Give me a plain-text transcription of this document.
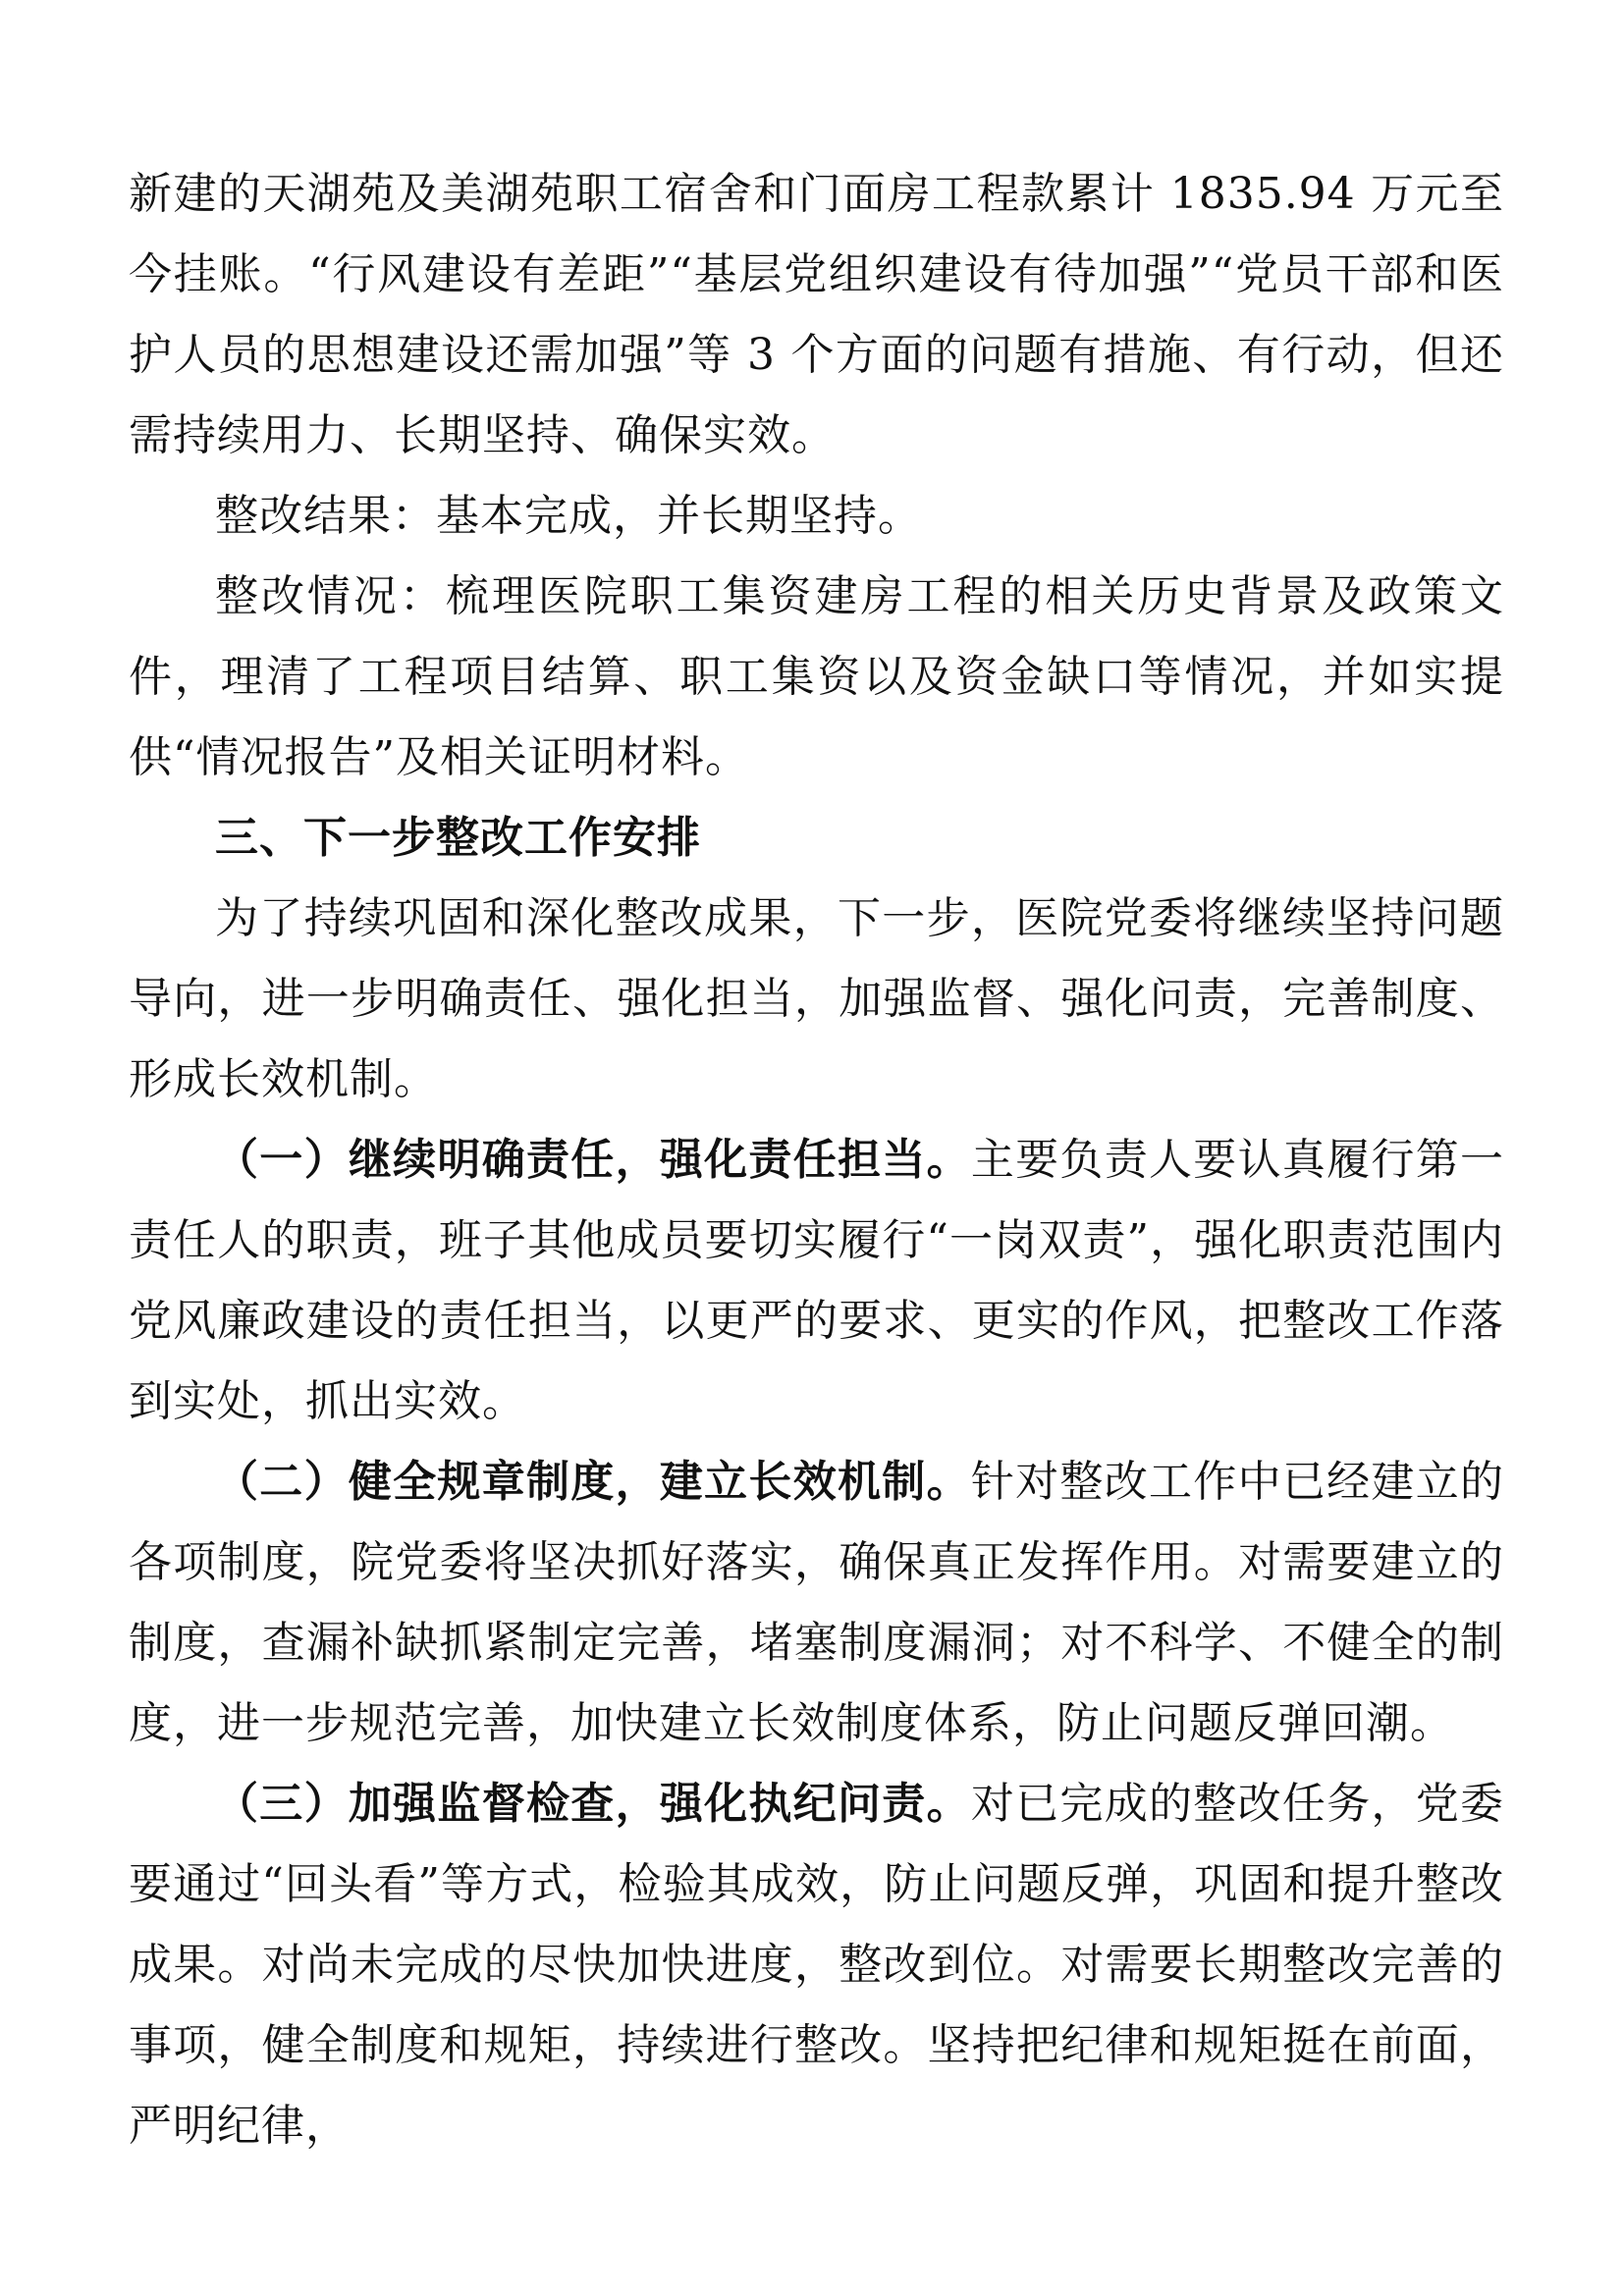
新建的天湖苑及美湖苑职工宿舍和门面房工程款累计 1835.94 万元至今挂账。“行风建设有差距”“基层党组织建设有待加强”“党员干部和医护人员的思想建设还需加强”等 3 个方面的问题有措施、有行动，但还需持续用力、长期坚持、确保实效。

整改结果：基本完成，并长期坚持。

整改情况：梳理医院职工集资建房工程的相关历史背景及政策文件，理清了工程项目结算、职工集资以及资金缺口等情况，并如实提供“情况报告”及相关证明材料。

三、下一步整改工作安排

为了持续巩固和深化整改成果，下一步，医院党委将继续坚持问题导向，进一步明确责任、强化担当，加强监督、强化问责，完善制度、形成长效机制。

（一）继续明确责任，强化责任担当。主要负责人要认真履行第一责任人的职责，班子其他成员要切实履行“一岗双责”，强化职责范围内党风廉政建设的责任担当，以更严的要求、更实的作风，把整改工作落到实处，抓出实效。

（二）健全规章制度，建立长效机制。针对整改工作中已经建立的各项制度，院党委将坚决抓好落实，确保真正发挥作用。对需要建立的制度，查漏补缺抓紧制定完善，堵塞制度漏洞；对不科学、不健全的制度，进一步规范完善，加快建立长效制度体系，防止问题反弹回潮。

（三）加强监督检查，强化执纪问责。对已完成的整改任务，党委要通过“回头看”等方式，检验其成效，防止问题反弹，巩固和提升整改成果。对尚未完成的尽快加快进度，整改到位。对需要长期整改完善的事项，健全制度和规矩，持续进行整改。坚持把纪律和规矩挺在前面，严明纪律，
